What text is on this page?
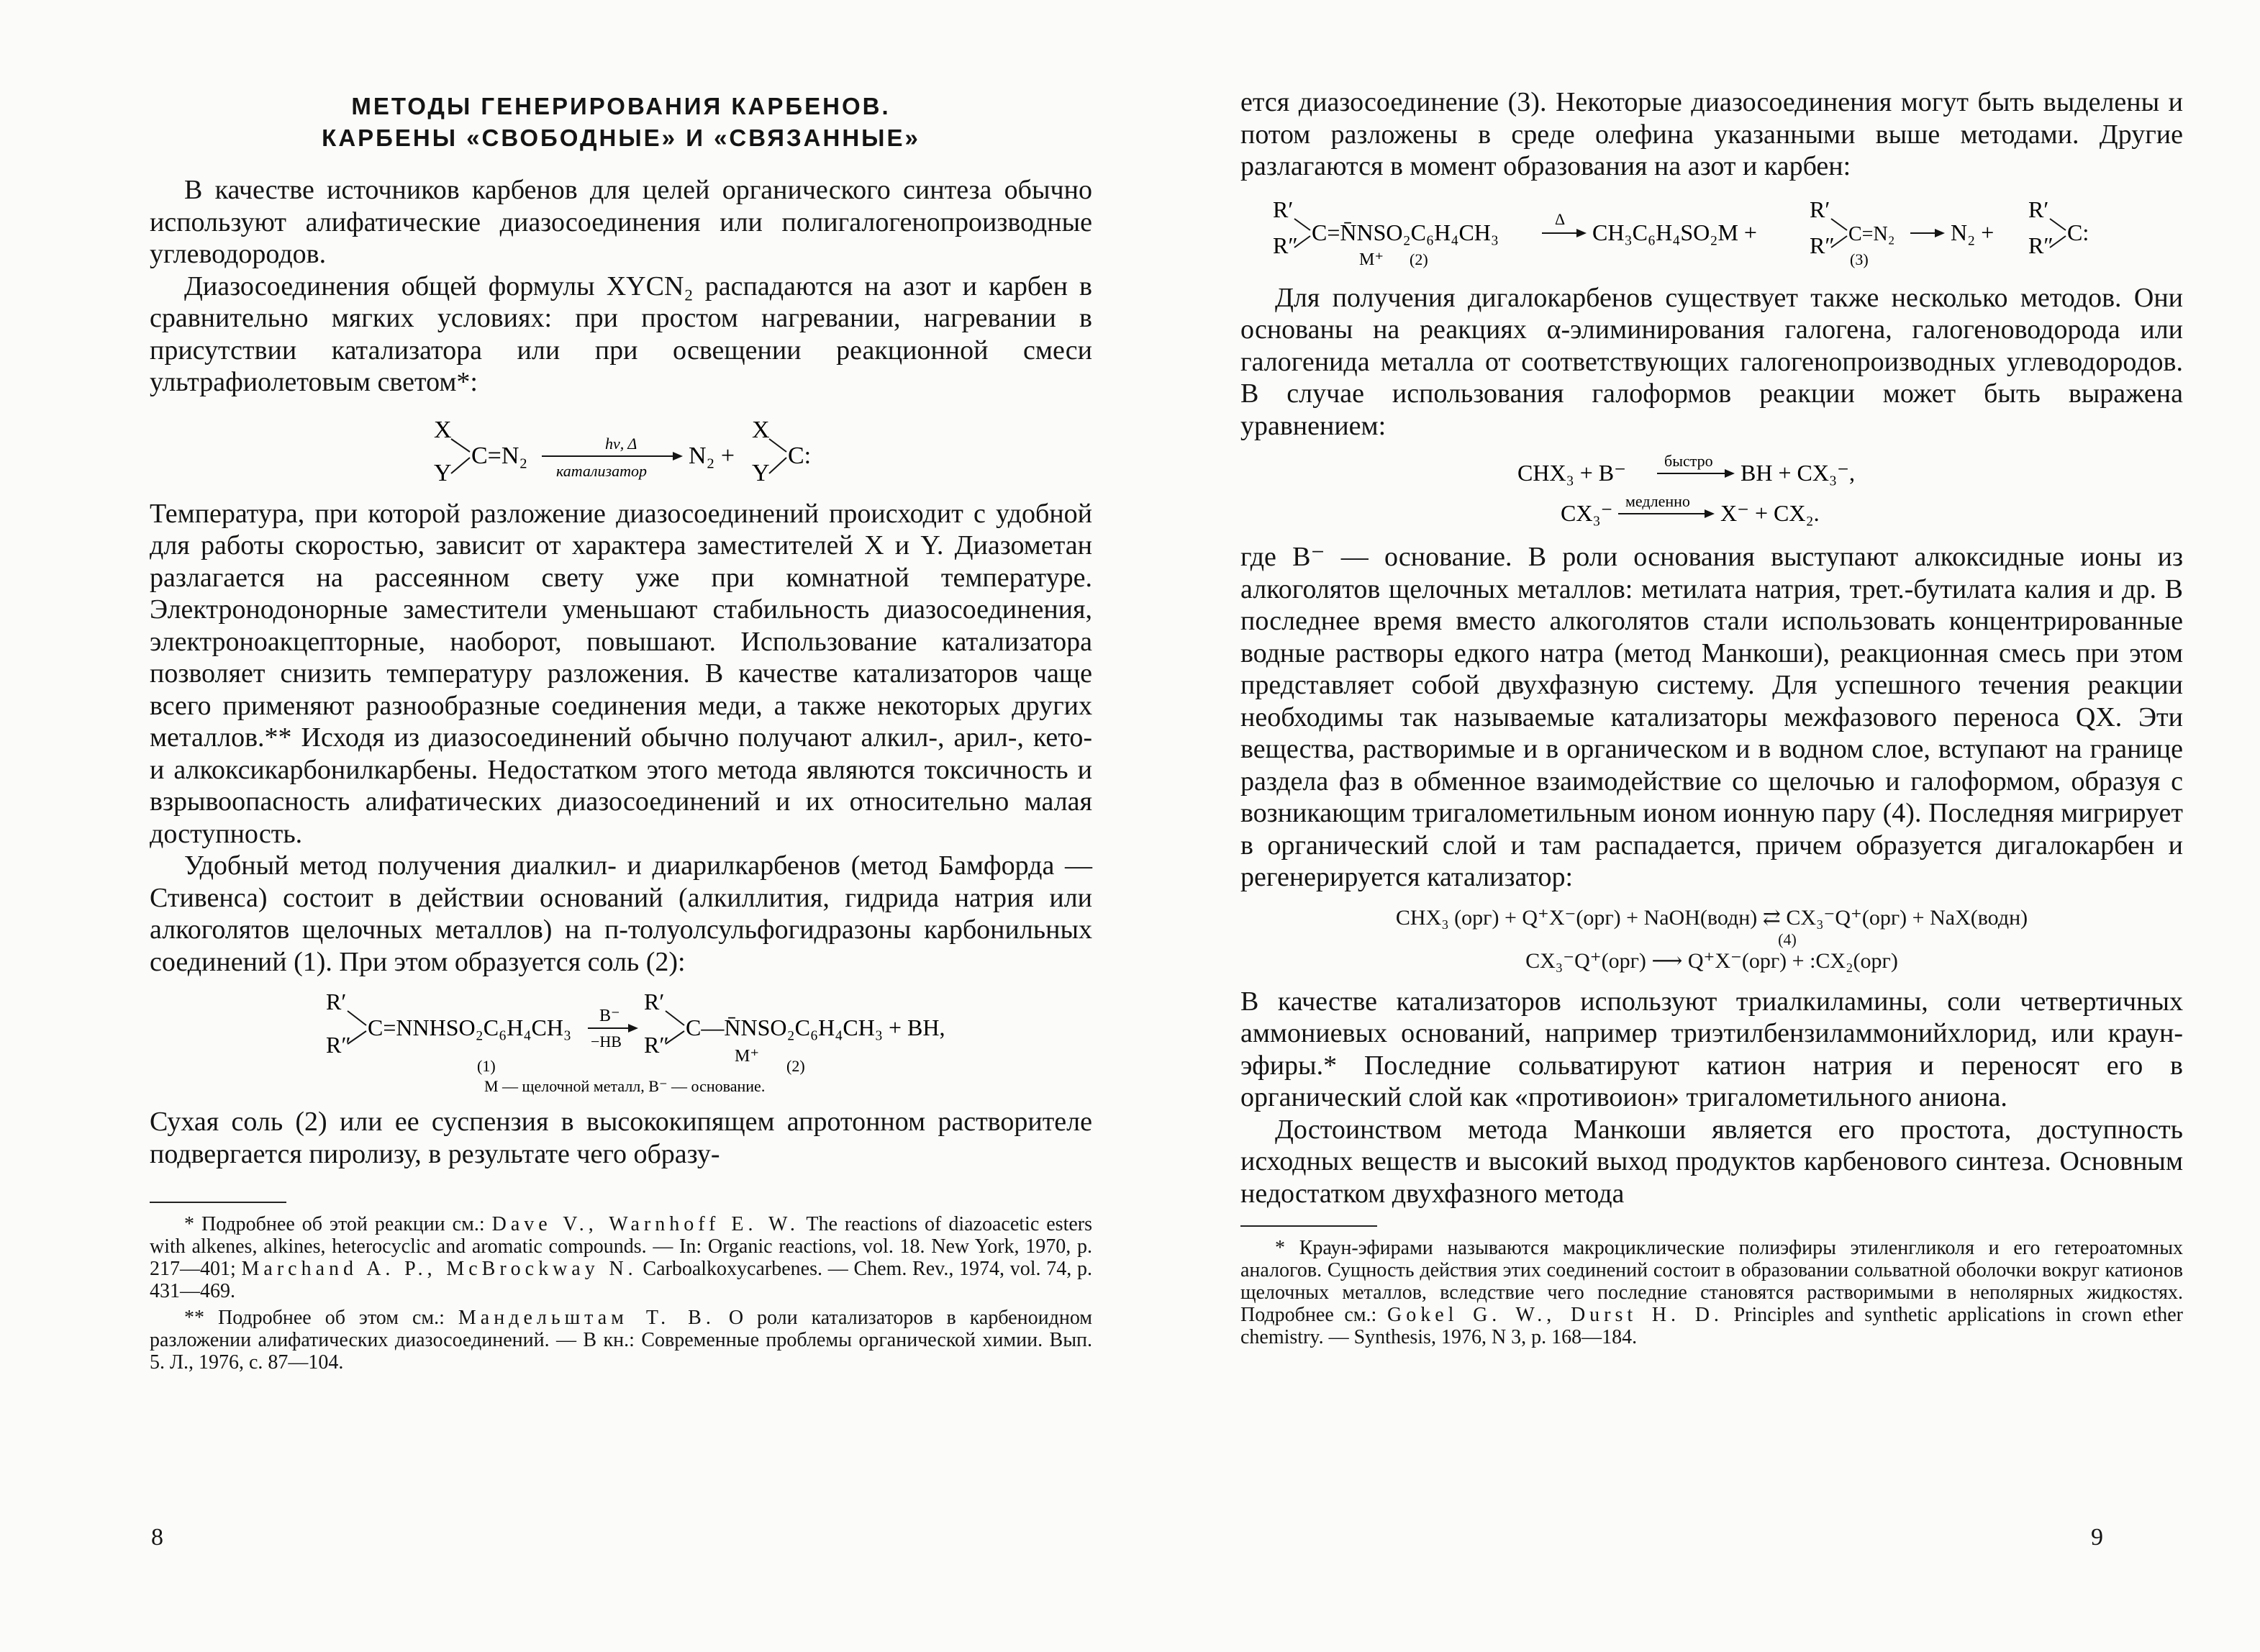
МЕТОДЫ ГЕНЕРИРОВАНИЯ КАРБЕНОВ.
КАРБЕНЫ «СВОБОДНЫЕ» И «СВЯЗАННЫЕ»

В качестве источников карбенов для целей органического синтеза обычно используют алифатические диазосоединения или полигалогенопроизводные углеводородов.

Диазосоединения общей формулы XYCN₂ распадаются на азот и карбен в сравнительно мягких условиях: при простом нагревании, нагревании в присутствии катализатора или при освещении реакционной смеси ультрафиолетовым светом*:

X
Y
C=N₂	hν, Δ
катализатор
N₂ +
X
Y
C:

Температура, при которой разложение диазосоединений происходит с удобной для работы скоростью, зависит от характера заместителей X и Y. Диазометан разлагается на рассеянном свету уже при комнатной температуре. Электронодонорные заместители уменьшают стабильность диазосоединения, электроноакцепторные, наоборот, повышают. Использование катализатора позволяет снизить температуру разложения. В качестве катализаторов чаще всего применяют разнообразные соединения меди, а также некоторых других металлов.** Исходя из диазосоединений обычно получают алкил-, арил-, кето- и алкоксикарбонилкарбены. Недостатком этого метода являются токсичность и взрывоопасность алифатических диазосоединений и их относительно малая доступность.

Удобный метод получения диалкил- и диарилкарбенов (метод Бамфорда — Стивенса) состоит в действии оснований (алкиллития, гидрида натрия или алкоголятов щелочных металлов) на п-толуолсульфогидразоны карбонильных соединений (1). При этом образуется соль (2):

R′
R″
C=NNHSO₂C₆H₄CH₃ B⁻
−HB
R′
R″
C—N̄NSO₂C₆H₄CH₃ + BH,
M⁺
(1)	(2)
M — щелочной металл, B⁻ — основание.

Сухая соль (2) или ее суспензия в высококипящем апротонном растворителе подвергается пиролизу, в результате чего образу-

* Подробнее об этой реакции см.: Dave V., Warnhoff E. W. The reactions of diazoacetic esters with alkenes, alkines, heterocyclic and aromatic compounds. — In: Organic reactions, vol. 18. New York, 1970, p. 217—401; Marchand A. P., McBrockway N. Carboalkoxycarbenes. — Chem. Rev., 1974, vol. 74, p. 431—469.

** Подробнее об этом см.: Мандельштам Т. В. О роли катализаторов в карбеноидном разложении алифатических диазосоединений. — В кн.: Современные проблемы органической химии. Вып. 5. Л., 1976, с. 87—104.

8

ется диазосоединение (3). Некоторые диазосоединения могут быть выделены и потом разложены в среде олефина указанными выше методами. Другие разлагаются в момент образования на азот и карбен:

R′
R″ C=N̄NSO₂C₆H₄CH₃
M⁺ (2)
Δ
CH₃C₆H₄SO₂M +
R′
R″ C=N₂
(3)
N₂ +
R′
R″ C:

Для получения дигалокарбенов существует также несколько методов. Они основаны на реакциях α-элиминирования галогена, галогеноводорода или галогенида металла от соответствующих галогенопроизводных углеводородов. В случае использования галоформов реакции может быть выражена уравнением:

CHX₃ + B⁻ быстро BH + CX₃⁻,
CX₃⁻ медленно X⁻ + CX₂.

где B⁻ — основание. В роли основания выступают алкоксидные ионы из алкоголятов щелочных металлов: метилата натрия, трет.-бутилата калия и др. В последнее время вместо алкоголятов стали использовать концентрированные водные растворы едкого натра (метод Манкоши), реакционная смесь при этом представляет собой двухфазную систему. Для успешного течения реакции необходимы так называемые катализаторы межфазового переноса QX. Эти вещества, растворимые и в органическом и в водном слое, вступают на границе раздела фаз в обменное взаимодействие со щелочью и галоформом, образуя с возникающим тригалометильным ионом ионную пару (4). Последняя мигрирует в органический слой и там распадается, причем образуется дигалокарбен и регенерируется катализатор:

CHX₃ (орг) + Q⁺X⁻(орг) + NaOH(водн) ⇄ CX₃⁻Q⁺(орг) + NaX(водн)
(4)
CX₃⁻Q⁺(орг) ⟶ Q⁺X⁻(орг) + :CX₂(орг)

В качестве катализаторов используют триалкиламины, соли четвертичных аммониевых оснований, например триэтилбензиламмонийхлорид, или краун-эфиры.* Последние сольватируют катион натрия и переносят его в органический слой как «противоион» тригалометильного аниона.

Достоинством метода Манкоши является его простота, доступность исходных веществ и высокий выход продуктов карбенового синтеза. Основным недостатком двухфазного метода

* Краун-эфирами называются макроциклические полиэфиры этиленгликоля и его гетероатомных аналогов. Сущность действия этих соединений состоит в образовании сольватной оболочки вокруг катионов щелочных металлов, вследствие чего последние становятся растворимыми в неполярных жидкостях. Подробнее см.: Gokel G. W., Durst H. D. Principles and synthetic applications in crown ether chemistry. — Synthesis, 1976, N 3, p. 168—184.

9
